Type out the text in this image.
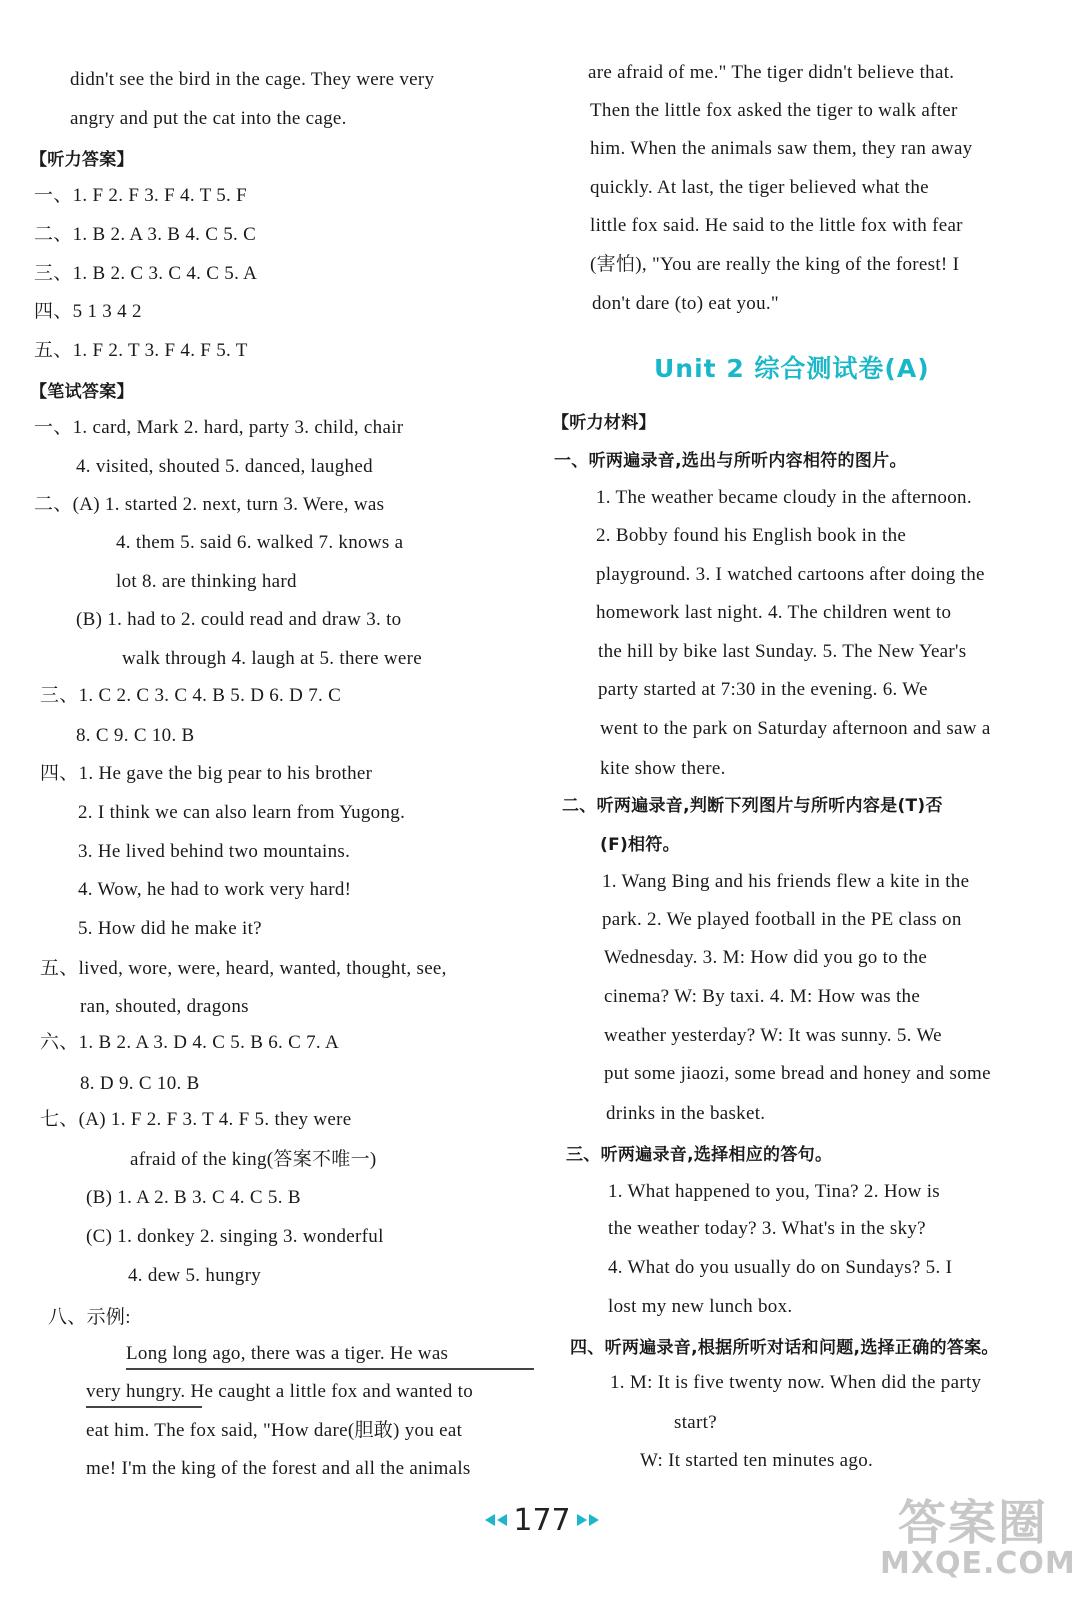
didn't see the bird in the cage. They were very
angry and put the cat into the cage.
【听力答案】
一、1. F 2. F 3. F 4. T 5. F
二、1. B 2. A 3. B 4. C 5. C
三、1. B 2. C 3. C 4. C 5. A
四、5 1 3 4 2
五、1. F 2. T 3. F 4. F 5. T
【笔试答案】
一、1. card, Mark 2. hard, party 3. child, chair
4. visited, shouted 5. danced, laughed
二、(A) 1. started 2. next, turn 3. Were, was
4. them 5. said 6. walked 7. knows a
lot 8. are thinking hard
(B) 1. had to 2. could read and draw 3. to
walk through 4. laugh at 5. there were
三、1. C 2. C 3. C 4. B 5. D 6. D 7. C
8. C 9. C 10. B
四、1. He gave the big pear to his brother
2. I think we can also learn from Yugong.
3. He lived behind two mountains.
4. Wow, he had to work very hard!
5. How did he make it?
五、lived, wore, were, heard, wanted, thought, see,
ran, shouted, dragons
六、1. B 2. A 3. D 4. C 5. B 6. C 7. A
8. D 9. C 10. B
七、(A) 1. F 2. F 3. T 4. F 5. they were
afraid of the king(答案不唯一)
(B) 1. A 2. B 3. C 4. C 5. B
(C) 1. donkey 2. singing 3. wonderful
4. dew 5. hungry
八、示例:
Long long ago, there was a tiger. He was
very hungry. He caught a little fox and wanted to
eat him. The fox said, "How dare(胆敢) you eat
me! I'm the king of the forest and all the animals
are afraid of me." The tiger didn't believe that.
Then the little fox asked the tiger to walk after
him. When the animals saw them, they ran away
quickly. At last, the tiger believed what the
little fox said. He said to the little fox with fear
(害怕), "You are really the king of the forest! I
don't dare (to) eat you."
Unit 2 综合测试卷(A)
【听力材料】
一、听两遍录音,选出与所听内容相符的图片。
1. The weather became cloudy in the afternoon.
2. Bobby found his English book in the
playground. 3. I watched cartoons after doing the
homework last night. 4. The children went to
the hill by bike last Sunday. 5. The New Year's
party started at 7:30 in the evening. 6. We
went to the park on Saturday afternoon and saw a
kite show there.
二、听两遍录音,判断下列图片与所听内容是(T)否
(F)相符。
1. Wang Bing and his friends flew a kite in the
park. 2. We played football in the PE class on
Wednesday. 3. M: How did you go to the
cinema? W: By taxi. 4. M: How was the
weather yesterday? W: It was sunny. 5. We
put some jiaozi, some bread and honey and some
drinks in the basket.
三、听两遍录音,选择相应的答句。
1. What happened to you, Tina? 2. How is
the weather today? 3. What's in the sky?
4. What do you usually do on Sundays? 5. I
lost my new lunch box.
四、听两遍录音,根据所听对话和问题,选择正确的答案。
1. M: It is five twenty now. When did the party
start?
W: It started ten minutes ago.
177	答案圈
MXQE.COM
